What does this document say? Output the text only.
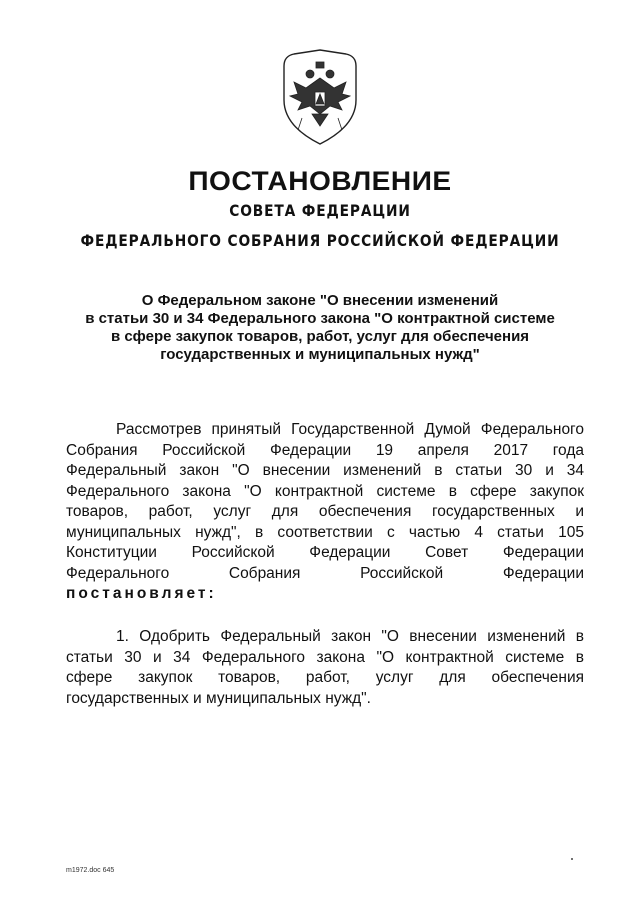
ПОСТАНОВЛЕНИЕ
СОВЕТА ФЕДЕРАЦИИ
ФЕДЕРАЛЬНОГО СОБРАНИЯ РОССИЙСКОЙ ФЕДЕРАЦИИ
О Федеральном законе "О внесении изменений
в статьи 30 и 34 Федерального закона "О контрактной системе
в сфере закупок товаров, работ, услуг для обеспечения
государственных и муниципальных нужд"
Рассмотрев принятый Государственной Думой Федерального
Собрания Российской Федерации 19 апреля 2017 года
Федеральный закон "О внесении изменений в статьи 30 и 34
Федерального закона "О контрактной системе в сфере закупок
товаров, работ, услуг для обеспечения государственных и
муниципальных нужд", в соответствии с частью 4 статьи 105
Конституции Российской Федерации Совет Федерации
Федерального Собрания Российской Федерации
постановляет:
1. Одобрить Федеральный закон "О внесении изменений в
статьи 30 и 34 Федерального закона "О контрактной системе в
сфере закупок товаров, работ, услуг для обеспечения
государственных и муниципальных нужд".
m1972.doc 645
